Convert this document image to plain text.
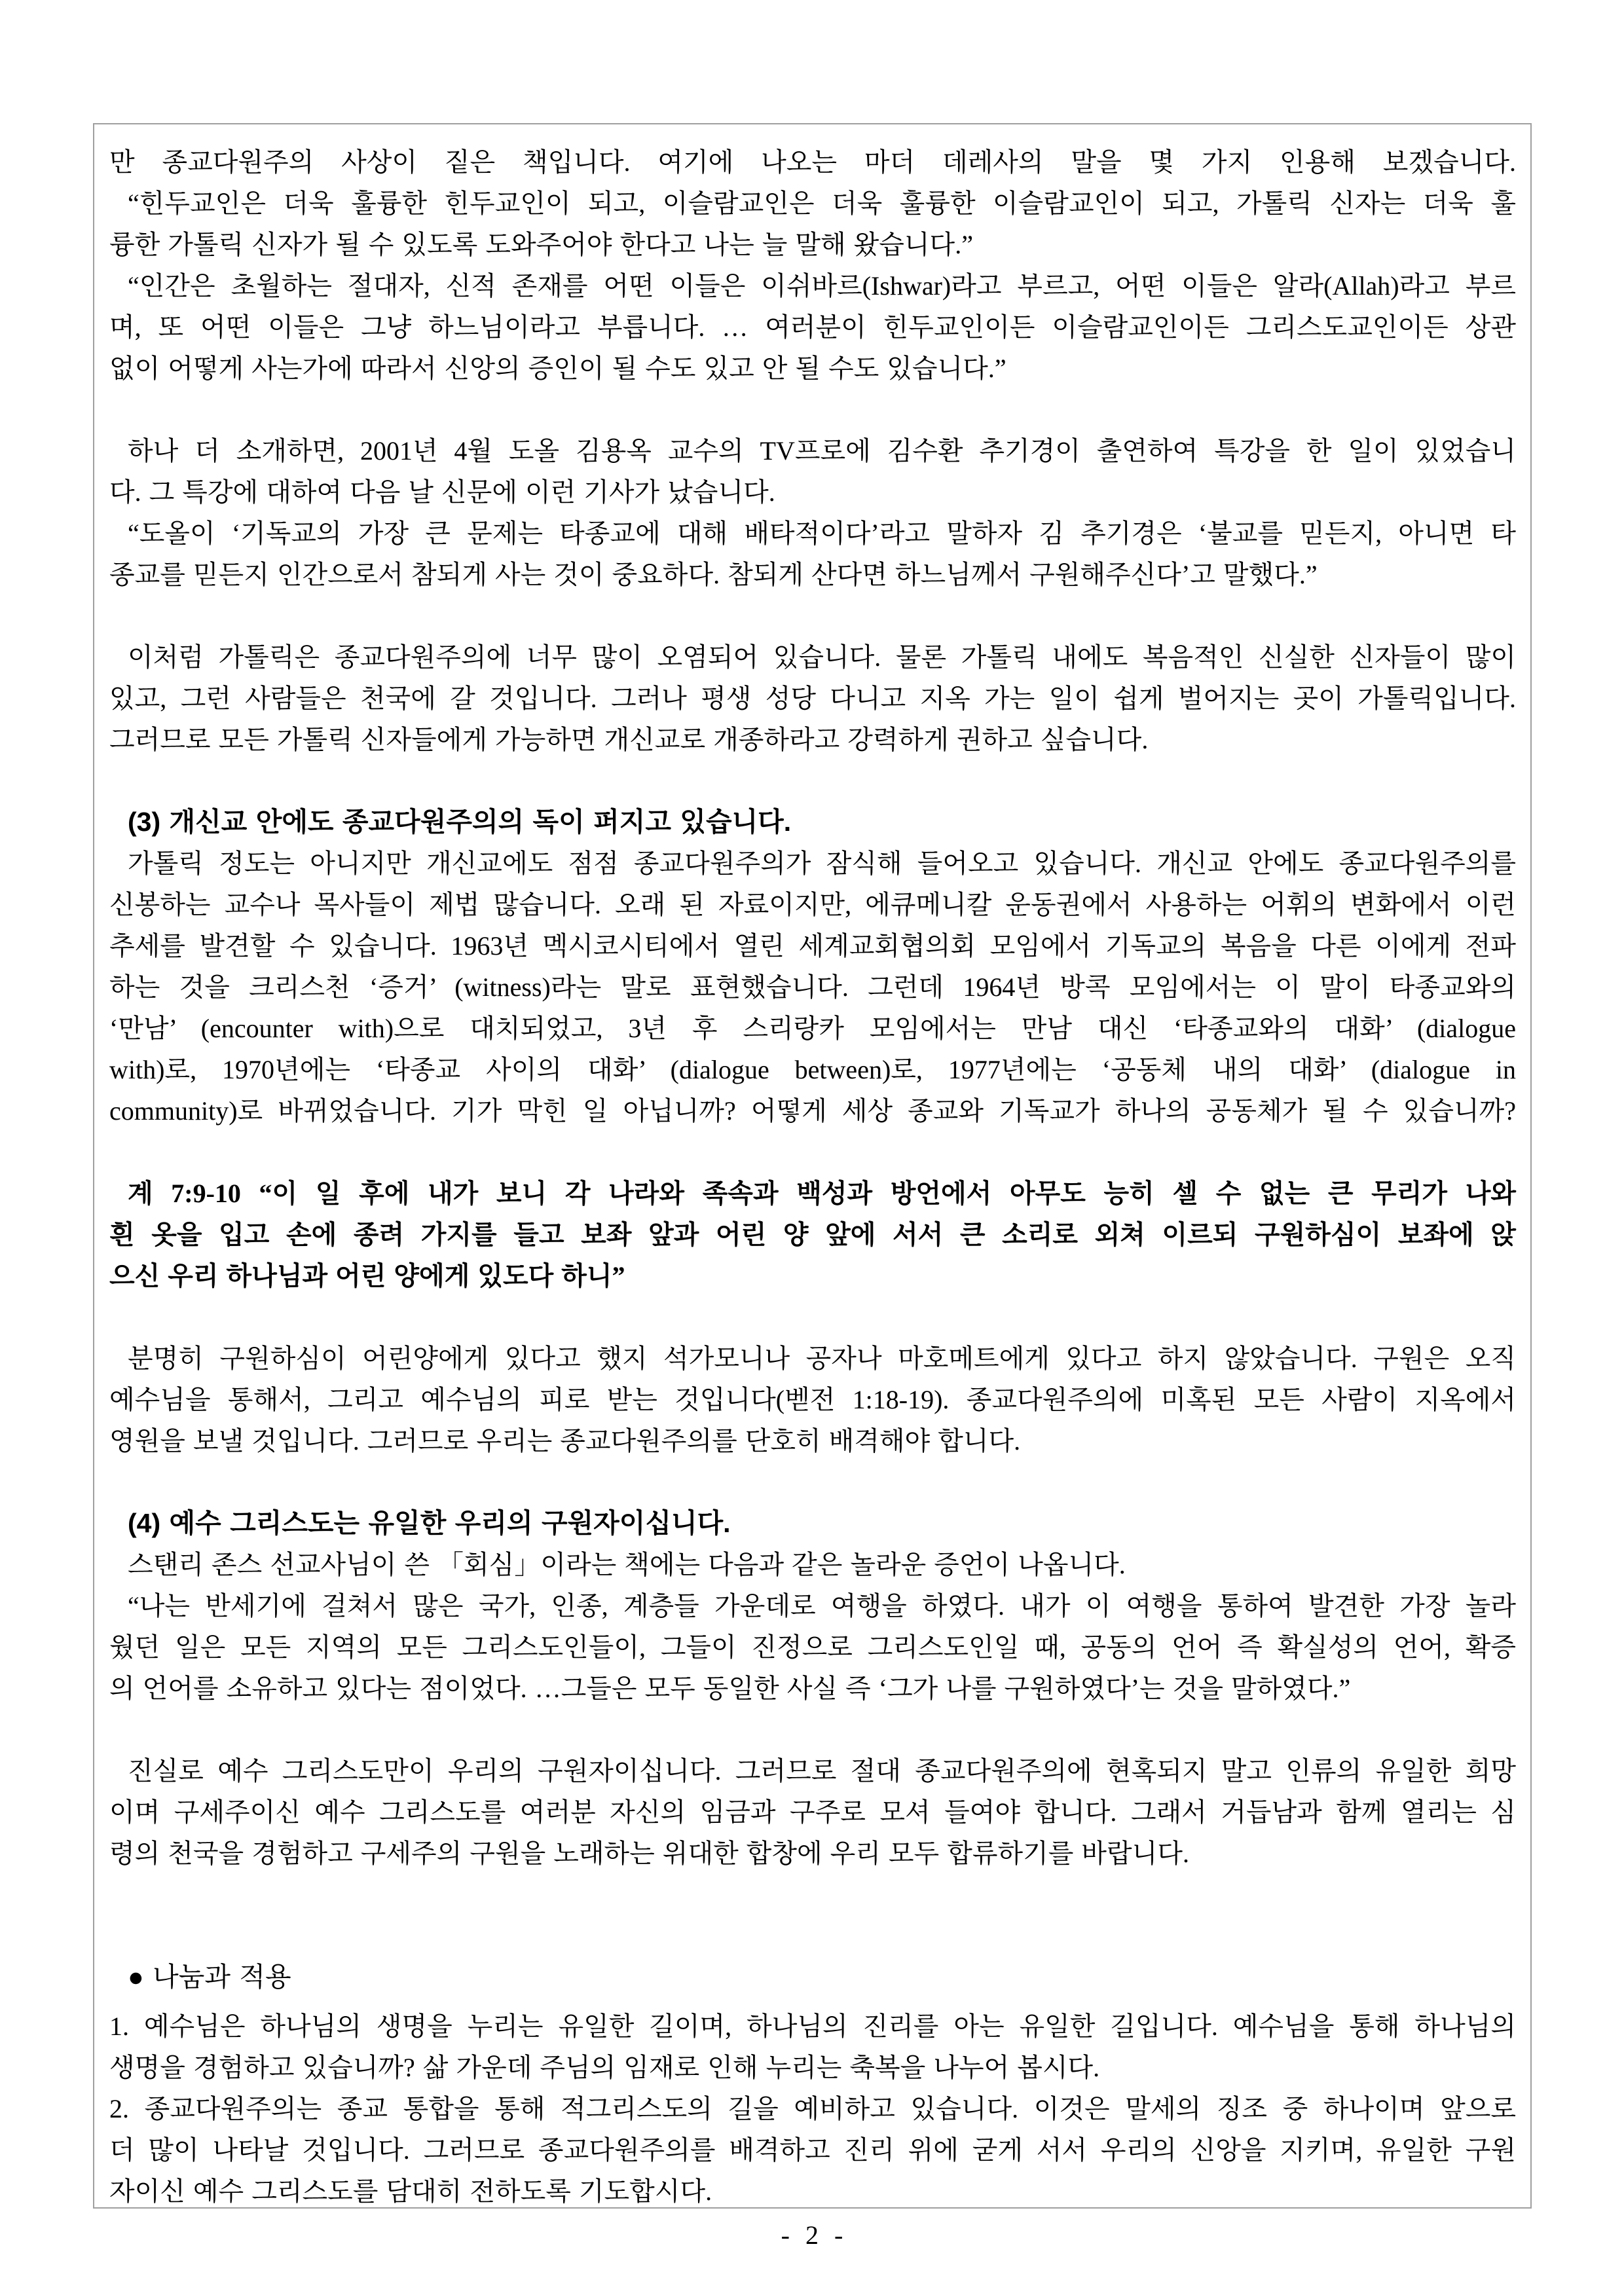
만 종교다원주의 사상이 짙은 책입니다. 여기에 나오는 마더 데레사의 말을 몇 가지 인용해 보겠습니다.
“힌두교인은 더욱 훌륭한 힌두교인이 되고, 이슬람교인은 더욱 훌륭한 이슬람교인이 되고, 가톨릭 신자는 더욱 훌
륭한 가톨릭 신자가 될 수 있도록 도와주어야 한다고 나는 늘 말해 왔습니다.”
“인간은 초월하는 절대자, 신적 존재를 어떤 이들은 이쉬바르(Ishwar)라고 부르고, 어떤 이들은 알라(Allah)라고 부르
며, 또 어떤 이들은 그냥 하느님이라고 부릅니다. … 여러분이 힌두교인이든 이슬람교인이든 그리스도교인이든 상관
없이 어떻게 사는가에 따라서 신앙의 증인이 될 수도 있고 안 될 수도 있습니다.”
하나 더 소개하면, 2001년 4월 도올 김용옥 교수의 TV프로에 김수환 추기경이 출연하여 특강을 한 일이 있었습니
다. 그 특강에 대하여 다음 날 신문에 이런 기사가 났습니다.
“도올이 ‘기독교의 가장 큰 문제는 타종교에 대해 배타적이다’라고 말하자 김 추기경은 ‘불교를 믿든지, 아니면 타
종교를 믿든지 인간으로서 참되게 사는 것이 중요하다. 참되게 산다면 하느님께서 구원해주신다’고 말했다.”
이처럼 가톨릭은 종교다원주의에 너무 많이 오염되어 있습니다. 물론 가톨릭 내에도 복음적인 신실한 신자들이 많이
있고, 그런 사람들은 천국에 갈 것입니다. 그러나 평생 성당 다니고 지옥 가는 일이 쉽게 벌어지는 곳이 가톨릭입니다.
그러므로 모든 가톨릭 신자들에게 가능하면 개신교로 개종하라고 강력하게 권하고 싶습니다.
(3) 개신교 안에도 종교다원주의의 독이 퍼지고 있습니다.
가톨릭 정도는 아니지만 개신교에도 점점 종교다원주의가 잠식해 들어오고 있습니다. 개신교 안에도 종교다원주의를
신봉하는 교수나 목사들이 제법 많습니다. 오래 된 자료이지만, 에큐메니칼 운동권에서 사용하는 어휘의 변화에서 이런
추세를 발견할 수 있습니다. 1963년 멕시코시티에서 열린 세계교회협의회 모임에서 기독교의 복음을 다른 이에게 전파
하는 것을 크리스천 ‘증거’ (witness)라는 말로 표현했습니다. 그런데 1964년 방콕 모임에서는 이 말이 타종교와의
‘만남’ (encounter with)으로 대치되었고, 3년 후 스리랑카 모임에서는 만남 대신 ‘타종교와의 대화’ (dialogue
with)로, 1970년에는 ‘타종교 사이의 대화’ (dialogue between)로, 1977년에는 ‘공동체 내의 대화’ (dialogue in
community)로 바뀌었습니다. 기가 막힌 일 아닙니까? 어떻게 세상 종교와 기독교가 하나의 공동체가 될 수 있습니까?
계 7:9-10 “이 일 후에 내가 보니 각 나라와 족속과 백성과 방언에서 아무도 능히 셀 수 없는 큰 무리가 나와
흰 옷을 입고 손에 종려 가지를 들고 보좌 앞과 어린 양 앞에 서서 큰 소리로 외쳐 이르되 구원하심이 보좌에 앉
으신 우리 하나님과 어린 양에게 있도다 하니”
분명히 구원하심이 어린양에게 있다고 했지 석가모니나 공자나 마호메트에게 있다고 하지 않았습니다. 구원은 오직
예수님을 통해서, 그리고 예수님의 피로 받는 것입니다(벧전 1:18-19). 종교다원주의에 미혹된 모든 사람이 지옥에서
영원을 보낼 것입니다. 그러므로 우리는 종교다원주의를 단호히 배격해야 합니다.
(4) 예수 그리스도는 유일한 우리의 구원자이십니다.
스탠리 존스 선교사님이 쓴 「회심」이라는 책에는 다음과 같은 놀라운 증언이 나옵니다.
“나는 반세기에 걸쳐서 많은 국가, 인종, 계층들 가운데로 여행을 하였다. 내가 이 여행을 통하여 발견한 가장 놀라
웠던 일은 모든 지역의 모든 그리스도인들이, 그들이 진정으로 그리스도인일 때, 공동의 언어 즉 확실성의 언어, 확증
의 언어를 소유하고 있다는 점이었다. …그들은 모두 동일한 사실 즉 ‘그가 나를 구원하였다’는 것을 말하였다.”
진실로 예수 그리스도만이 우리의 구원자이십니다. 그러므로 절대 종교다원주의에 현혹되지 말고 인류의 유일한 희망
이며 구세주이신 예수 그리스도를 여러분 자신의 임금과 구주로 모셔 들여야 합니다. 그래서 거듭남과 함께 열리는 심
령의 천국을 경험하고 구세주의 구원을 노래하는 위대한 합창에 우리 모두 합류하기를 바랍니다.
● 나눔과 적용
1. 예수님은 하나님의 생명을 누리는 유일한 길이며, 하나님의 진리를 아는 유일한 길입니다. 예수님을 통해 하나님의
생명을 경험하고 있습니까? 삶 가운데 주님의 임재로 인해 누리는 축복을 나누어 봅시다.
2. 종교다원주의는 종교 통합을 통해 적그리스도의 길을 예비하고 있습니다. 이것은 말세의 징조 중 하나이며 앞으로
더 많이 나타날 것입니다. 그러므로 종교다원주의를 배격하고 진리 위에 굳게 서서 우리의 신앙을 지키며, 유일한 구원
자이신 예수 그리스도를 담대히 전하도록 기도합시다.
- 2 -
